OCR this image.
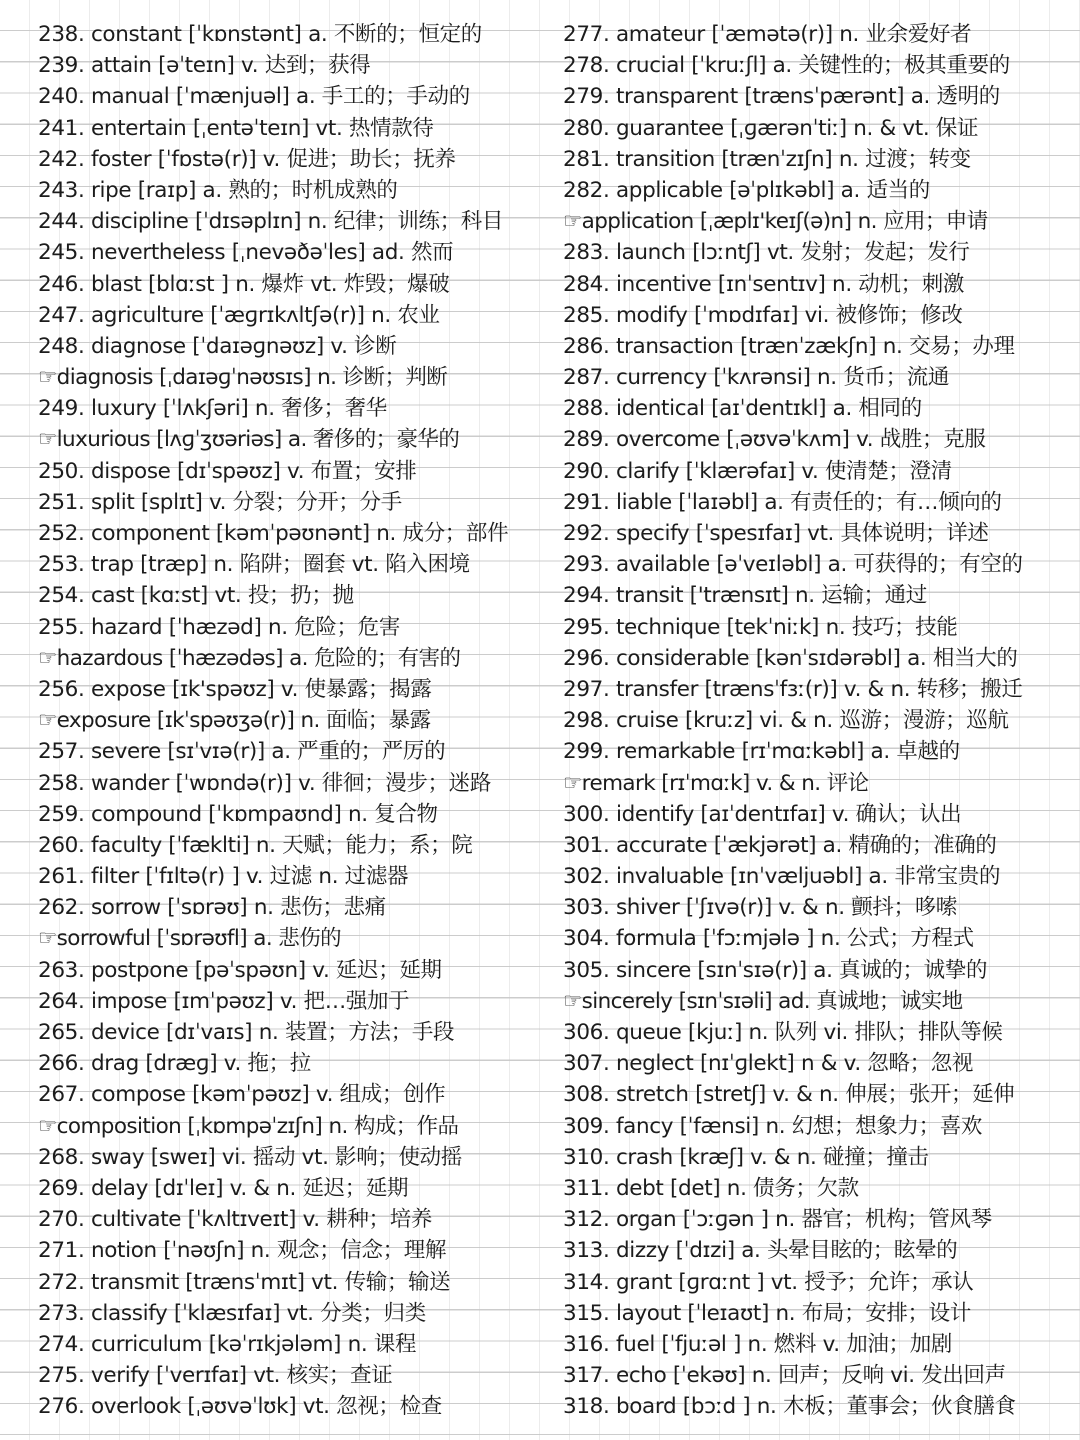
238. constant [ˈkɒnstənt] a. 不断的；恒定的
239. attain [əˈteɪn] v. 达到；获得
240. manual [ˈmænjuəl] a. 手工的；手动的
241. entertain [ˌentəˈteɪn] vt. 热情款待
242. foster [ˈfɒstə(r)] v. 促进；助长；抚养
243. ripe [raɪp] a. 熟的；时机成熟的
244. discipline [ˈdɪsəplɪn] n. 纪律；训练；科目
245. nevertheless [ˌnevəðəˈles] ad. 然而
246. blast [blɑːst ] n. 爆炸 vt. 炸毁；爆破
247. agriculture [ˈæɡrɪkʌltʃə(r)] n. 农业
248. diagnose [ˈdaɪəɡnəʊz] v. 诊断
☞diagnosis [ˌdaɪəɡˈnəʊsɪs] n. 诊断；判断
249. luxury [ˈlʌkʃəri] n. 奢侈；奢华
☞luxurious [lʌɡˈʒʊəriəs] a. 奢侈的；豪华的
250. dispose [dɪˈspəʊz] v. 布置；安排
251. split [splɪt] v. 分裂；分开；分手
252. component [kəmˈpəʊnənt] n. 成分；部件
253. trap [træp] n. 陷阱；圈套 vt. 陷入困境
254. cast [kɑːst] vt. 投；扔；抛
255. hazard [ˈhæzəd] n. 危险；危害
☞hazardous [ˈhæzədəs] a. 危险的；有害的
256. expose [ɪk'spəʊz] v. 使暴露；揭露
☞exposure [ɪkˈspəʊʒə(r)] n. 面临；暴露
257. severe [sɪˈvɪə(r)] a. 严重的；严厉的
258. wander [ˈwɒndə(r)] v. 徘徊；漫步；迷路
259. compound [ˈkɒmpaʊnd] n. 复合物
260. faculty [ˈfæklti] n. 天赋；能力；系；院
261. filter [ˈfɪltə(r) ] v. 过滤 n. 过滤器
262. sorrow [ˈsɒrəʊ] n. 悲伤；悲痛
☞sorrowful [ˈsɒrəʊfl] a. 悲伤的
263. postpone [pəˈspəʊn] v. 延迟；延期
264. impose [ɪmˈpəʊz] v. 把…强加于
265. device [dɪˈvaɪs] n. 装置；方法；手段
266. drag [dræɡ] v. 拖；拉
267. compose [kəmˈpəʊz] v. 组成；创作
☞composition [ˌkɒmpəˈzɪʃn] n. 构成；作品
268. sway [sweɪ] vi. 摇动 vt. 影响；使动摇
269. delay [dɪˈleɪ] v. & n. 延迟；延期
270. cultivate [ˈkʌltɪveɪt] v. 耕种；培养
271. notion [ˈnəʊʃn] n. 观念；信念；理解
272. transmit [trænsˈmɪt] vt. 传输；输送
273. classify [ˈklæsɪfaɪ] vt. 分类；归类
274. curriculum [kəˈrɪkjələm] n. 课程
275. verify [ˈverɪfaɪ] vt. 核实；查证
276. overlook [ˌəʊvəˈlʊk] vt. 忽视；检查
277. amateur [ˈæmətə(r)] n. 业余爱好者
278. crucial [ˈkruːʃl] a. 关键性的；极其重要的
279. transparent [trænsˈpærənt] a. 透明的
280. guarantee [ˌɡærənˈtiː] n. & vt. 保证
281. transition [trænˈzɪʃn] n. 过渡；转变
282. applicable [əˈplɪkəbl] a. 适当的
☞application [ˌæplɪ'keɪʃ(ə)n] n. 应用；申请
283. launch [lɔːntʃ] vt. 发射；发起；发行
284. incentive [ɪnˈsentɪv] n. 动机；刺激
285. modify [ˈmɒdɪfaɪ] vi. 被修饰；修改
286. transaction [trænˈzækʃn] n. 交易；办理
287. currency [ˈkʌrənsi] n. 货币；流通
288. identical [aɪˈdentɪkl] a. 相同的
289. overcome [ˌəʊvəˈkʌm] v. 战胜；克服
290. clarify [ˈklærəfaɪ] v. 使清楚；澄清
291. liable [ˈlaɪəbl] a. 有责任的；有…倾向的
292. specify [ˈspesɪfaɪ] vt. 具体说明；详述
293. available [əˈveɪləbl] a. 可获得的；有空的
294. transit ['trænsɪt] n. 运输；通过
295. technique [tekˈniːk] n. 技巧；技能
296. considerable [kənˈsɪdərəbl] a. 相当大的
297. transfer [trænsˈfɜː(r)] v. & n. 转移；搬迁
298. cruise [kruːz] vi. & n. 巡游；漫游；巡航
299. remarkable [rɪˈmɑːkəbl] a. 卓越的
☞remark [rɪˈmɑːk] v. & n. 评论
300. identify [aɪˈdentɪfaɪ] v. 确认；认出
301. accurate [ˈækjərət] a. 精确的；准确的
302. invaluable [ɪnˈvæljuəbl] a. 非常宝贵的
303. shiver [ˈʃɪvə(r)] v. & n. 颤抖；哆嗦
304. formula [ˈfɔːmjələ ] n. 公式；方程式
305. sincere [sɪnˈsɪə(r)] a. 真诚的；诚挚的
☞sincerely [sɪnˈsɪəli] ad. 真诚地；诚实地
306. queue [kjuː] n. 队列 vi. 排队；排队等候
307. neglect [nɪˈɡlekt] n & v. 忽略；忽视
308. stretch [stretʃ] v. & n. 伸展；张开；延伸
309. fancy [ˈfænsi] n. 幻想；想象力；喜欢
310. crash [kræʃ] v. & n. 碰撞；撞击
311. debt [det] n. 债务；欠款
312. organ [ˈɔːɡən ] n. 器官；机构；管风琴
313. dizzy [ˈdɪzi] a. 头晕目眩的；眩晕的
314. grant [ɡrɑːnt ] vt. 授予；允许；承认
315. layout [ˈleɪaʊt] n. 布局；安排；设计
316. fuel [ˈfjuːəl ] n. 燃料 v. 加油；加剧
317. echo [ˈekəʊ] n. 回声；反响 vi. 发出回声
318. board [bɔːd ] n. 木板；董事会；伙食膳食
